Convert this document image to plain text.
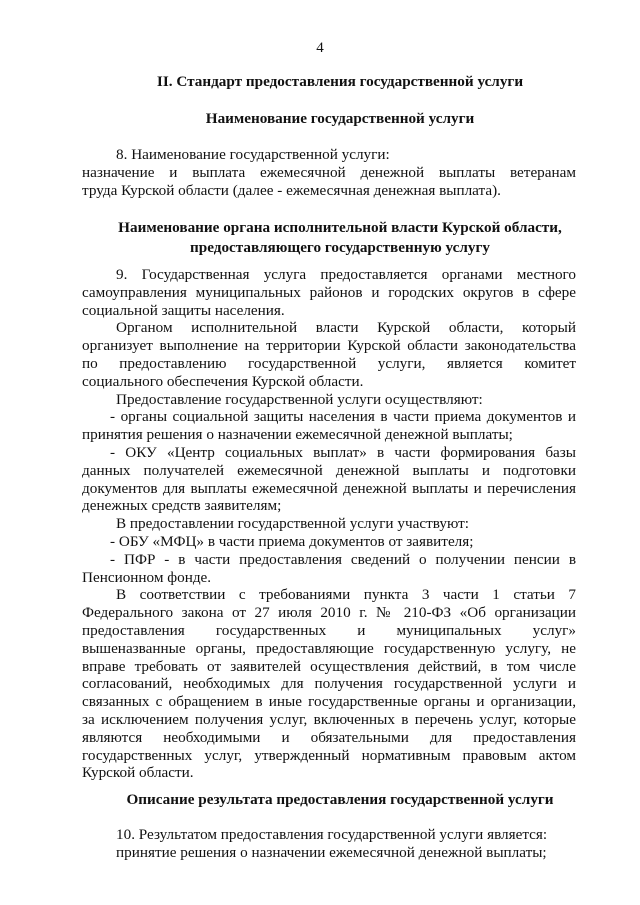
4
II. Стандарт предоставления государственной услуги
Наименование государственной услуги
8. Наименование государственной услуги:
назначение и выплата ежемесячной денежной выплаты ветеранам
труда Курской области (далее - ежемесячная денежная выплата).
Наименование органа исполнительной власти Курской области,
предоставляющего государственную услугу
9. Государственная услуга предоставляется органами местного
самоуправления муниципальных районов и городских округов в сфере
социальной защиты населения.
Органом исполнительной власти Курской области, который
организует выполнение на территории Курской области законодательства
по предоставлению государственной услуги, является комитет
социального обеспечения Курской области.
Предоставление государственной услуги осуществляют:
- органы социальной защиты населения в части приема документов и
принятия решения о назначении ежемесячной денежной выплаты;
- ОКУ «Центр социальных выплат» в части формирования базы
данных получателей ежемесячной денежной выплаты и подготовки
документов для выплаты ежемесячной денежной выплаты и перечисления
денежных средств заявителям;
В предоставлении государственной услуги участвуют:
- ОБУ «МФЦ» в части приема документов от заявителя;
- ПФР - в части предоставления сведений о получении пенсии в
Пенсионном фонде.
В соответствии с требованиями пункта 3 части 1 статьи 7
Федерального закона от 27 июля 2010 г. № 210-ФЗ «Об организации
предоставления государственных и муниципальных услуг»
вышеназванные органы, предоставляющие государственную услугу, не
вправе требовать от заявителей осуществления действий, в том числе
согласований, необходимых для получения государственной услуги и
связанных с обращением в иные государственные органы и организации,
за исключением получения услуг, включенных в перечень услуг, которые
являются необходимыми и обязательными для предоставления
государственных услуг, утвержденный нормативным правовым актом
Курской области.
Описание результата предоставления государственной услуги
10. Результатом предоставления государственной услуги является:
принятие решения о назначении ежемесячной денежной выплаты;
